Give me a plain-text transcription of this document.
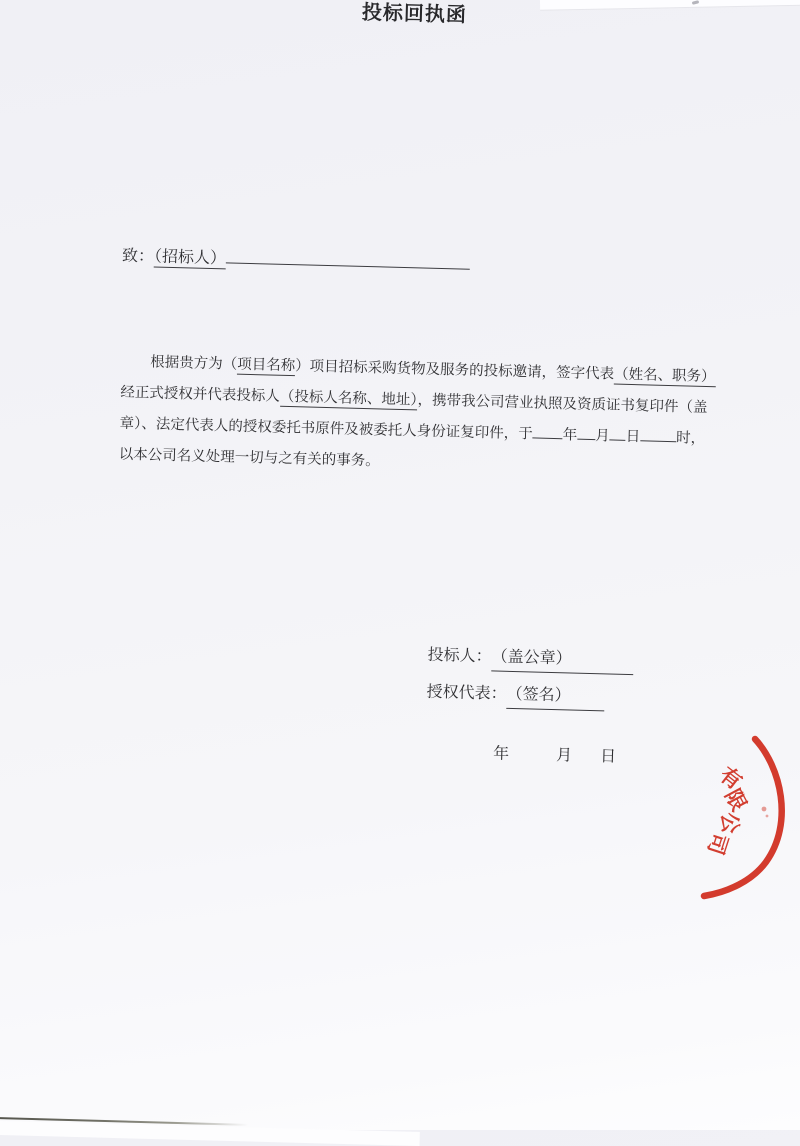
投标回执函
致：（招标人）
根据贵方为（项目名称）项目招标采购货物及服务的投标邀请，签字代表（姓名、职务）
经正式授权并代表投标人（投标人名称、地址），携带我公司营业执照及资质证书复印件（盖
章）、法定代表人的授权委托书原件及被委托人身份证复印件，于 年 月 日 时，
以本公司名义处理一切与之有关的事务。
投标人：（盖公章）
授权代表：（签名）
年	月 日
有
限
公
司
